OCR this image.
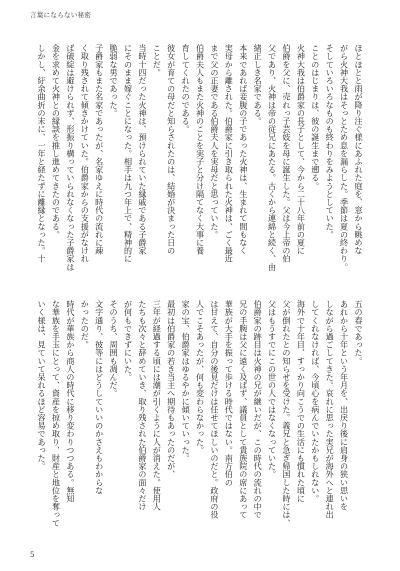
言葉にならない秘密
ほとほとと雨が降り注ぐ様にあふれた庭を、窓から眺めな
がら火神大我はそっとため息を漏らした。季節は夏の終わり。
そしていろいろなものも終わりをみようとしていた。
ことのはじまりは、彼の誕生まで遡る。
火神大我は伯爵家の長子として、今から二十八年前の夏に
伯爵を父に、売れっ子芸妓を母に誕生した。父は今上帝の伯
父であり、火神は帝の従兄にあたる。古くから連綿と続く、由
緒正しき名家である。
本来であれば妾腹の子であった火神は、生まれて間もなく
実母から離された。伯爵家に引き取られた火神は、ごく最近
まで父の正妻である伯爵夫人を実母だと思っていた。
伯爵夫人もまた火神のことを実子と分け隔てなく大事に養
育してくれたのである。
彼女が育ての母だと知らされたのは、結婚が決まった日の
ことだ。
当時十四だった火神は、預けられていた縁戚である子爵家
にそのまま嫁ぐことになった。相手は九つ年上で、精神的に
脆弱な男であった。
子爵家もまた名家であったが、名家ゆえに時代の流れに疎
く取り残されて傾きかけていた。伯爵家からの支援がなけれ
ば破綻は避けられず、形振り構っていられなくなった子爵家は
金を求めて火神との縁談を推し進めてきたのである。
しかし、紆余曲折の末に、一年と経たずに離縁となった。十
五の春であった。
あれから十年という年月を、出戻り後に肩身の狭い思いを
しながら過ごしてきた。哀れに思った実兄が海外へと連れ出
してくれなければ、今頃心を病んでいたかもしれない。
海外で十年目、すっかり向こうでの生活にも慣れた頃に
父が倒れたとの知らせを受けた。義兄と急ぎ帰国した時には、
父はもうすでにこの世の人ではなくなっていた。
伯爵家の跡目は火神の兄が継いだが、この時代の流れの中で
兄の手腕は父に遠く及ばず、議員として貴族院の席にあって
華族が大手を振って歩ける時代ではない。南方伯の
は甘えて、自分の後見だけは任せてほしいのだと。政府の役
人でこそあったが、何も変わらなかった。
家の宝、伯爵家はゆるやかに傾いていった。
最初は伯爵家の若き当主へ期待もあったのだが、
三年が経過する頃には潮が引くように人が消えた。使用人
たちも次々と辞めていき、取り残された伯爵家の面々だけ
が何もできずにいた。
そのうち、周囲も凋んだ。
文字通り、彼等にはどうしていいのかさえもわからな
かったのだ。
時代が華族から商人の時代に移り変わりつつある。無知
な華族を手玉にとって、資産を掠め取り、財産と地位を奪って
いく様は、見ていて呆れるほど容易であった。
5
